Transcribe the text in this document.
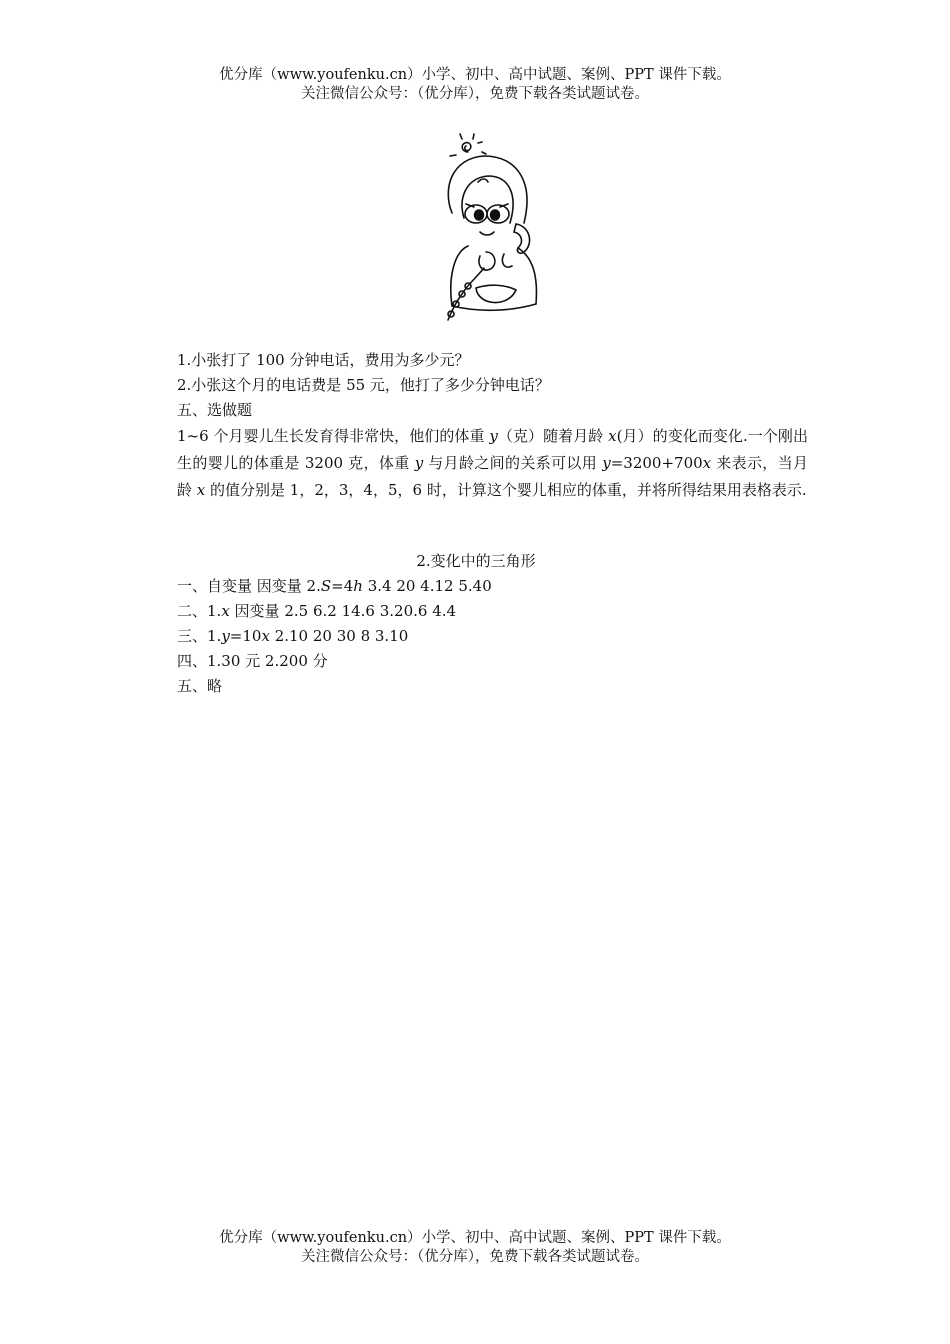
优分库（www.youfenku.cn）小学、初中、高中试题、案例、PPT 课件下载。
关注微信公众号：（优分库），免费下载各类试题试卷。
1.小张打了 100 分钟电话，费用为多少元？
2.小张这个月的电话费是 55 元，他打了多少分钟电话？
五、选做题
1~6 个月婴儿生长发育得非常快，他们的体重 y（克）随着月龄 x(月）的变化而变化.一个刚出生的婴儿的体重是 3200 克，体重 y 与月龄之间的关系可以用 y=3200+700x 来表示，当月龄 x 的值分别是 1，2，3，4，5，6 时，计算这个婴儿相应的体重，并将所得结果用表格表示.
2.变化中的三角形
一、自变量 因变量 2.S=4h 3.4 20 4.12 5.40
二、1.x 因变量 2.5 6.2 14.6 3.20.6 4.4
三、1.y=10x 2.10 20 30 8 3.10
四、1.30 元 2.200 分
五、略
优分库（www.youfenku.cn）小学、初中、高中试题、案例、PPT 课件下载。
关注微信公众号：（优分库），免费下载各类试题试卷。
